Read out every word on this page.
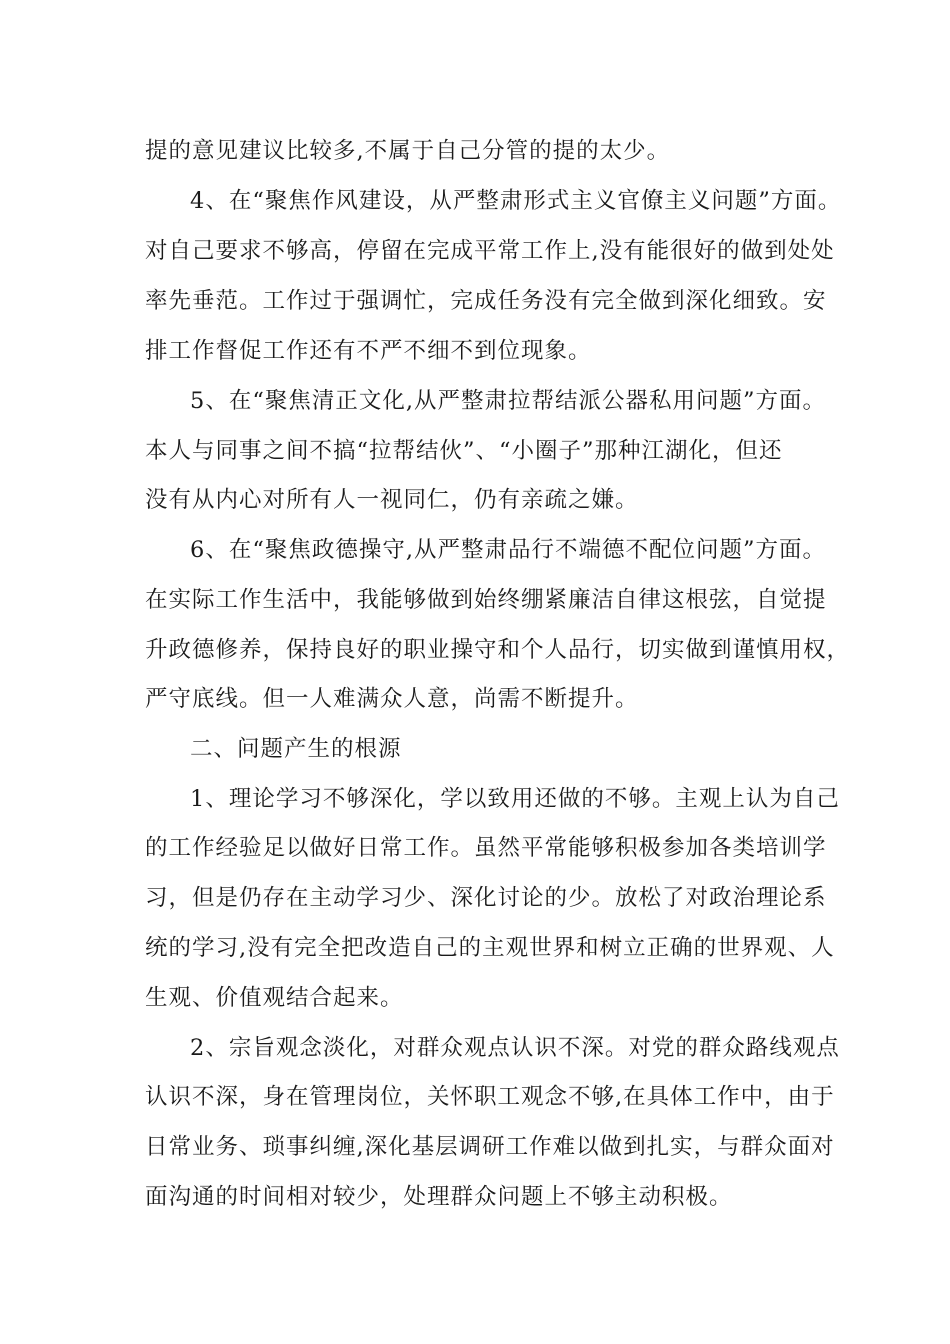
提的意见建议比较多,不属于自己分管的提的太少。
4、在“聚焦作风建设，从严整肃形式主义官僚主义问题”方面。
对自己要求不够高，停留在完成平常工作上,没有能很好的做到处处
率先垂范。工作过于强调忙，完成任务没有完全做到深化细致。安
排工作督促工作还有不严不细不到位现象。
5、在“聚焦清正文化,从严整肃拉帮结派公器私用问题”方面。
本人与同事之间不搞“拉帮结伙”、“小圈子”那种江湖化，但还
没有从内心对所有人一视同仁，仍有亲疏之嫌。
6、在“聚焦政德操守,从严整肃品行不端德不配位问题”方面。
在实际工作生活中，我能够做到始终绷紧廉洁自律这根弦，自觉提
升政德修养，保持良好的职业操守和个人品行，切实做到谨慎用权，
严守底线。但一人难满众人意，尚需不断提升。
二、问题产生的根源
1、理论学习不够深化，学以致用还做的不够。主观上认为自己
的工作经验足以做好日常工作。虽然平常能够积极参加各类培训学
习，但是仍存在主动学习少、深化讨论的少。放松了对政治理论系
统的学习,没有完全把改造自己的主观世界和树立正确的世界观、人
生观、价值观结合起来。
2、宗旨观念淡化，对群众观点认识不深。对党的群众路线观点
认识不深，身在管理岗位，关怀职工观念不够,在具体工作中，由于
日常业务、琐事纠缠,深化基层调研工作难以做到扎实，与群众面对
面沟通的时间相对较少，处理群众问题上不够主动积极。
